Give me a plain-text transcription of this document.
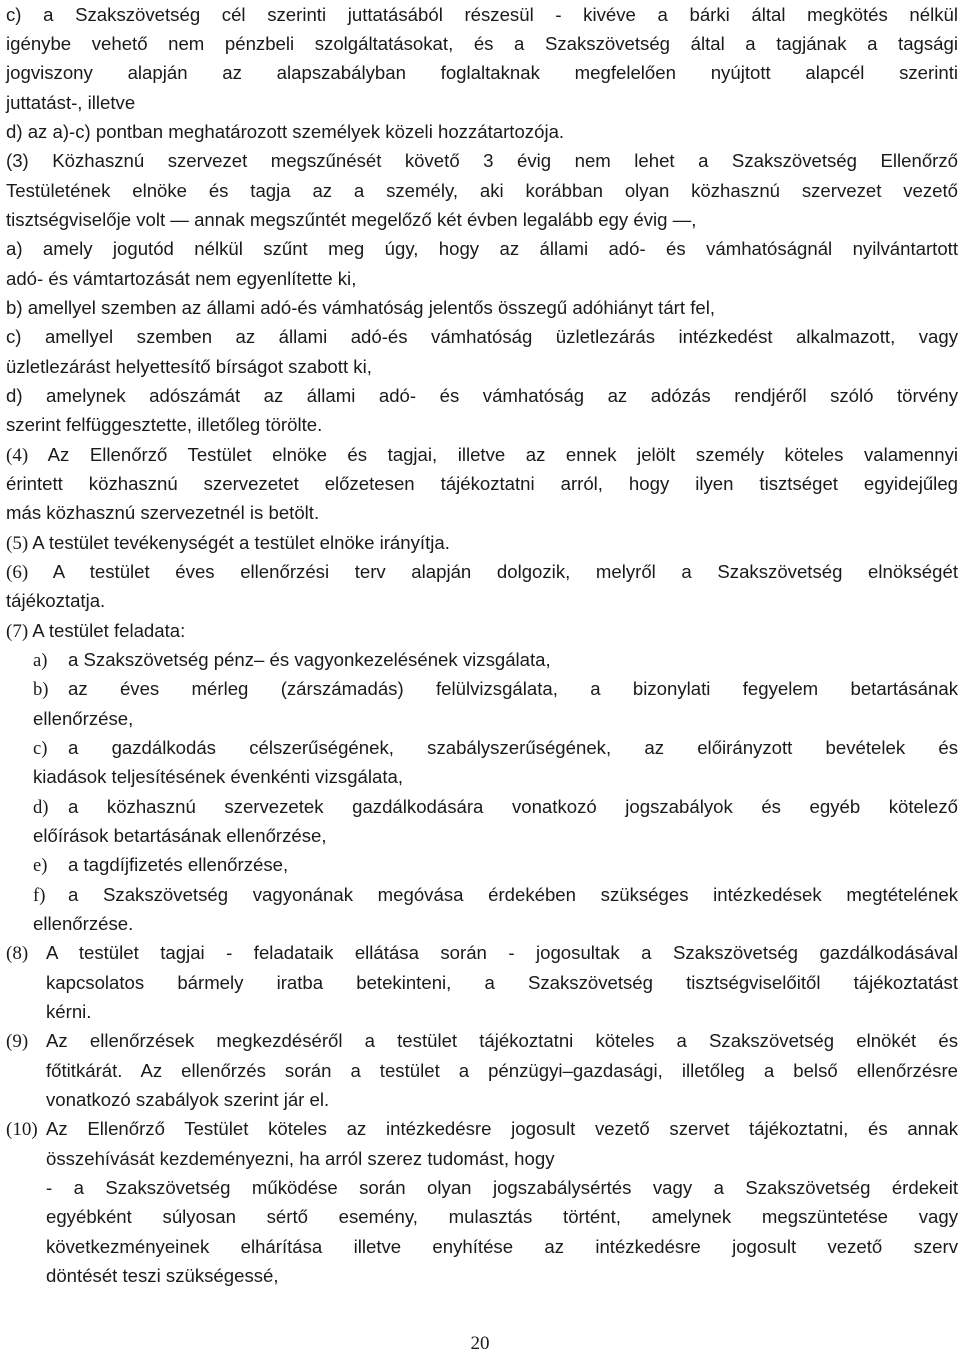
c) a Szakszövetség cél szerinti juttatásából részesül - kivéve a bárki által megkötés nélkül
igénybe vehető nem pénzbeli szolgáltatásokat, és a Szakszövetség által a tagjának a tagsági
jogviszony alapján az alapszabályban foglaltaknak megfelelően nyújtott alapcél szerinti
juttatást-, illetve
d) az a)-c) pontban meghatározott személyek közeli hozzátartozója.
(3) Közhasznú szervezet megszűnését követő 3 évig nem lehet a Szakszövetség Ellenőrző
Testületének elnöke és tagja az a személy, aki korábban olyan közhasznú szervezet vezető
tisztségviselője volt — annak megszűntét megelőző két évben legalább egy évig —,
a) amely jogutód nélkül szűnt meg úgy, hogy az állami adó- és vámhatóságnál nyilvántartott
adó- és vámtartozását nem egyenlítette ki,
b) amellyel szemben az állami adó-és vámhatóság jelentős összegű adóhiányt tárt fel,
c) amellyel szemben az állami adó-és vámhatóság üzletlezárás intézkedést alkalmazott, vagy
üzletlezárást helyettesítő bírságot szabott ki,
d) amelynek adószámát az állami adó- és vámhatóság az adózás rendjéről szóló törvény
szerint felfüggesztette, illetőleg törölte.
(4) Az Ellenőrző Testület elnöke és tagjai, illetve az ennek jelölt személy köteles valamennyi
érintett közhasznú szervezetet előzetesen tájékoztatni arról, hogy ilyen tisztséget egyidejűleg
más közhasznú szervezetnél is betölt.
(5) A testület tevékenységét a testület elnöke irányítja.
(6) A testület éves ellenőrzési terv alapján dolgozik, melyről a Szakszövetség elnökségét
tájékoztatja.
(7) A testület feladata:
a) a Szakszövetség pénz– és vagyonkezelésének vizsgálata,
b) az éves mérleg (zárszámadás) felülvizsgálata, a bizonylati fegyelem betartásának
ellenőrzése,
c) a gazdálkodás célszerűségének, szabályszerűségének, az előirányzott bevételek és
kiadások teljesítésének évenkénti vizsgálata,
d) a közhasznú szervezetek gazdálkodására vonatkozó jogszabályok és egyéb kötelező
előírások betartásának ellenőrzése,
e) a tagdíjfizetés ellenőrzése,
f) a Szakszövetség vagyonának megóvása érdekében szükséges intézkedések megtételének
ellenőrzése.
(8) A testület tagjai - feladataik ellátása során - jogosultak a Szakszövetség gazdálkodásával
kapcsolatos bármely iratba betekinteni, a Szakszövetség tisztségviselőitől tájékoztatást
kérni.
(9) Az ellenőrzések megkezdéséről a testület tájékoztatni köteles a Szakszövetség elnökét és
főtitkárát. Az ellenőrzés során a testület a pénzügyi–gazdasági, illetőleg a belső ellenőrzésre
vonatkozó szabályok szerint jár el.
(10) Az Ellenőrző Testület köteles az intézkedésre jogosult vezető szervet tájékoztatni, és annak
összehívását kezdeményezni, ha arról szerez tudomást, hogy
- a Szakszövetség működése során olyan jogszabálysértés vagy a Szakszövetség érdekeit
egyébként súlyosan sértő esemény, mulasztás történt, amelynek megszüntetése vagy
következményeinek elhárítása illetve enyhítése az intézkedésre jogosult vezető szerv
döntését teszi szükségessé,
20
